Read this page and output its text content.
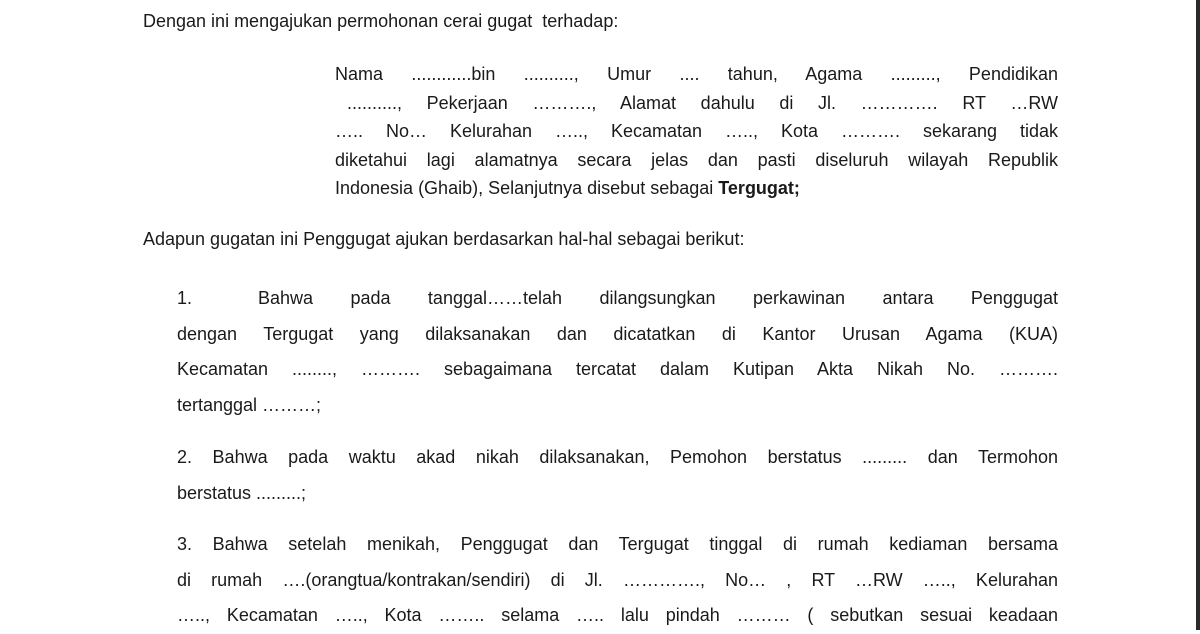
Dengan ini mengajukan permohonan cerai gugat  terhadap:

Nama ............bin .........., Umur .... tahun, Agama ........., Pendidikan
.........., Pekerjaan ………., Alamat dahulu di Jl. …………. RT …RW
….. No… Kelurahan ….., Kecamatan ….., Kota ………. sekarang tidak
diketahui lagi alamatnya secara jelas dan pasti diseluruh wilayah Republik
Indonesia (Ghaib), Selanjutnya disebut sebagai Tergugat;

Adapun gugatan ini Penggugat ajukan berdasarkan hal-hal sebagai berikut:

1.	Bahwa pada tanggal……telah dilangsungkan perkawinan antara Penggugat
dengan Tergugat yang dilaksanakan dan dicatatkan di Kantor Urusan Agama (KUA)
Kecamatan ........, ………. sebagaimana tercatat dalam Kutipan Akta Nikah No. ……….
tertanggal ………;
2. Bahwa pada waktu akad nikah dilaksanakan, Pemohon berstatus ......... dan Termohon
berstatus .........;
3. Bahwa setelah menikah, Penggugat dan Tergugat tinggal di rumah kediaman bersama
di rumah ….(orangtua/kontrakan/sendiri) di Jl. …………., No… , RT …RW ….., Kelurahan
….., Kecamatan ….., Kota …….. selama ….. lalu pindah ……… ( sebutkan sesuai keadaan
